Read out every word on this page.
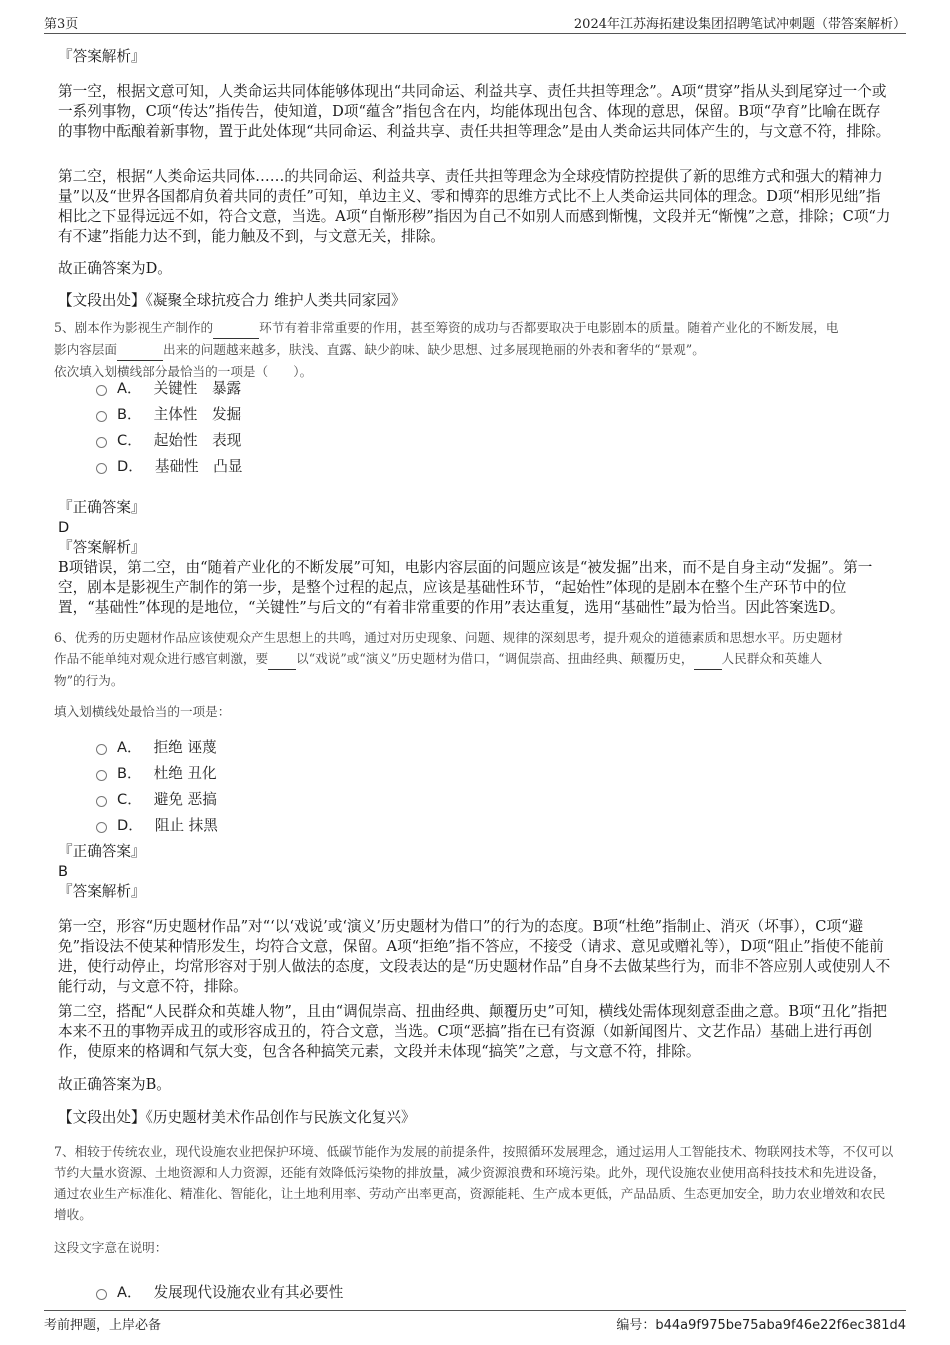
第3页	2024年江苏海拓建设集团招聘笔试冲刺题（带答案解析）
『答案解析』
第一空，根据文意可知，人类命运共同体能够体现出“共同命运、利益共享、责任共担等理念”。A项“贯穿”指从头到尾穿过一个或一系列事物，C项“传达”指传告，使知道，D项“蕴含”指包含在内，均能体现出包含、体现的意思，保留。B项“孕育”比喻在既存的事物中酝酿着新事物，置于此处体现“共同命运、利益共享、责任共担等理念”是由人类命运共同体产生的，与文意不符，排除。
第二空，根据“人类命运共同体……的共同命运、利益共享、责任共担等理念为全球疫情防控提供了新的思维方式和强大的精神力量”以及“世界各国都肩负着共同的责任”可知，单边主义、零和博弈的思维方式比不上人类命运共同体的理念。D项“相形见绌”指相比之下显得远远不如，符合文意，当选。A项“自惭形秽”指因为自己不如别人而感到惭愧，文段并无“惭愧”之意，排除；C项“力有不逮”指能力达不到，能力触及不到，与文意无关，排除。
故正确答案为D。
【文段出处】《凝聚全球抗疫合力 维护人类共同家园》
5、剧本作为影视生产制作的	环节有着非常重要的作用，甚至筹资的成功与否都要取决于电影剧本的质量。随着产业化的不断发展，电
影内容层面	出来的问题越来越多，肤浅、直露、缺少韵味、缺少思想、过多展现艳丽的外表和奢华的“景观”。
依次填入划横线部分最恰当的一项是（　　）。
A． 关键性　暴露
B． 主体性　发掘
C． 起始性　表现
D． 基础性　凸显
『正确答案』
D
『答案解析』
B项错误，第二空，由“随着产业化的不断发展”可知，电影内容层面的问题应该是“被发掘”出来，而不是自身主动“发掘”。第一空，剧本是影视生产制作的第一步，是整个过程的起点，应该是基础性环节，“起始性”体现的是剧本在整个生产环节中的位置，“基础性”体现的是地位，“关键性”与后文的“有着非常重要的作用”表达重复，选用“基础性”最为恰当。因此答案选D。
6、优秀的历史题材作品应该使观众产生思想上的共鸣，通过对历史现象、问题、规律的深刻思考，提升观众的道德素质和思想水平。历史题材
作品不能单纯对观众进行感官刺激，要 以“戏说”或“演义”历史题材为借口，“调侃崇高、扭曲经典、颠覆历史， 人民群众和英雄人
物”的行为。
填入划横线处最恰当的一项是：
A． 拒绝 诬蔑
B． 杜绝 丑化
C． 避免 恶搞
D． 阻止 抹黑
『正确答案』
B
『答案解析』
第一空，形容“历史题材作品”对“‘以‘戏说’或‘演义’历史题材为借口”的行为的态度。B项“杜绝”指制止、消灭（坏事），C项“避免”指设法不使某种情形发生，均符合文意，保留。A项“拒绝”指不答应，不接受（请求、意见或赠礼等），D项“阻止”指使不能前进，使行动停止，均常形容对于别人做法的态度，文段表达的是“历史题材作品”自身不去做某些行为，而非不答应别人或使别人不能行动，与文意不符，排除。
第二空，搭配“人民群众和英雄人物”，且由“调侃崇高、扭曲经典、颠覆历史”可知，横线处需体现刻意歪曲之意。B项“丑化”指把本来不丑的事物弄成丑的或形容成丑的，符合文意，当选。C项“恶搞”指在已有资源（如新闻图片、文艺作品）基础上进行再创作，使原来的格调和气氛大变，包含各种搞笑元素，文段并未体现“搞笑”之意，与文意不符，排除。
故正确答案为B。
【文段出处】《历史题材美术作品创作与民族文化复兴》
7、相较于传统农业，现代设施农业把保护环境、低碳节能作为发展的前提条件，按照循环发展理念，通过运用人工智能技术、物联网技术等，不仅可以节约大量水资源、土地资源和人力资源，还能有效降低污染物的排放量，减少资源浪费和环境污染。此外，现代设施农业使用高科技技术和先进设备，通过农业生产标准化、精准化、智能化，让土地利用率、劳动产出率更高，资源能耗、生产成本更低，产品品质、生态更加安全，助力农业增效和农民增收。
这段文字意在说明：
A． 发展现代设施农业有其必要性
考前押题，上岸必备	编号：b44a9f975be75aba9f46e22f6ec381d4
